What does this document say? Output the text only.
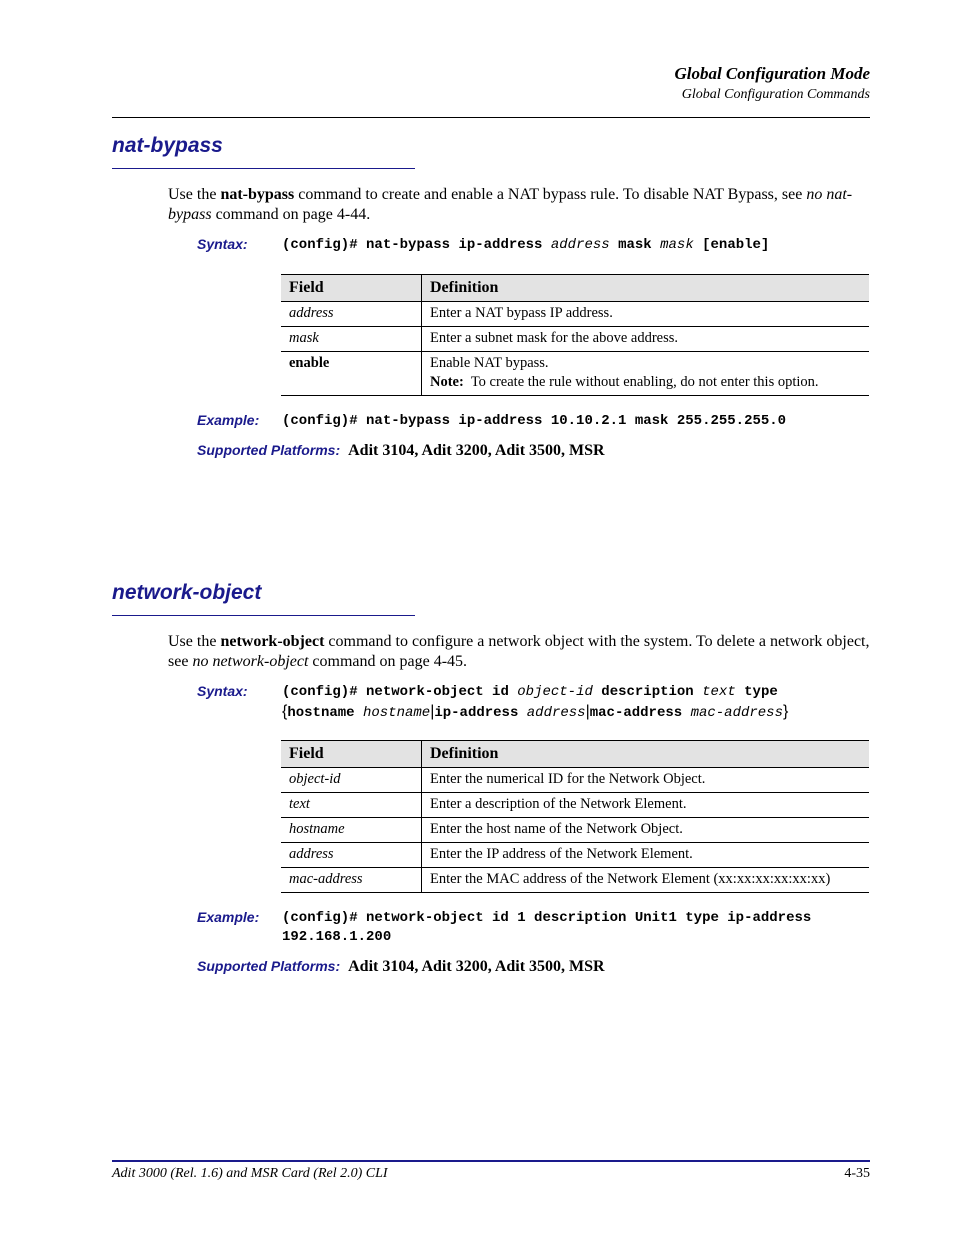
Global Configuration Mode
Global Configuration Commands
nat-bypass
Use the nat-bypass command to create and enable a NAT bypass rule. To disable NAT Bypass, see no nat-bypass command on page 4-44.
Syntax: (config)# nat-bypass ip-address address mask mask [enable]
Field	Definition
address	Enter a NAT bypass IP address.
mask	Enter a subnet mask for the above address.
enable	Enable NAT bypass.
Note: To create the rule without enabling, do not enter this option.
Example: (config)# nat-bypass ip-address 10.10.2.1 mask 255.255.255.0
Supported Platforms: Adit 3104, Adit 3200, Adit 3500, MSR
network-object
Use the network-object command to configure a network object with the system. To delete a network object, see no network-object command on page 4-45.
Syntax: (config)# network-object id object-id description text type
{hostname hostname|ip-address address|mac-address mac-address}
Field	Definition
object-id	Enter the numerical ID for the Network Object.
text	Enter a description of the Network Element.
hostname	Enter the host name of the Network Object.
address	Enter the IP address of the Network Element.
mac-address	Enter the MAC address of the Network Element (xx:xx:xx:xx:xx:xx)
Example: (config)# network-object id 1 description Unit1 type ip-address
192.168.1.200
Supported Platforms: Adit 3104, Adit 3200, Adit 3500, MSR
Adit 3000 (Rel. 1.6) and MSR Card (Rel 2.0) CLI	4-35
